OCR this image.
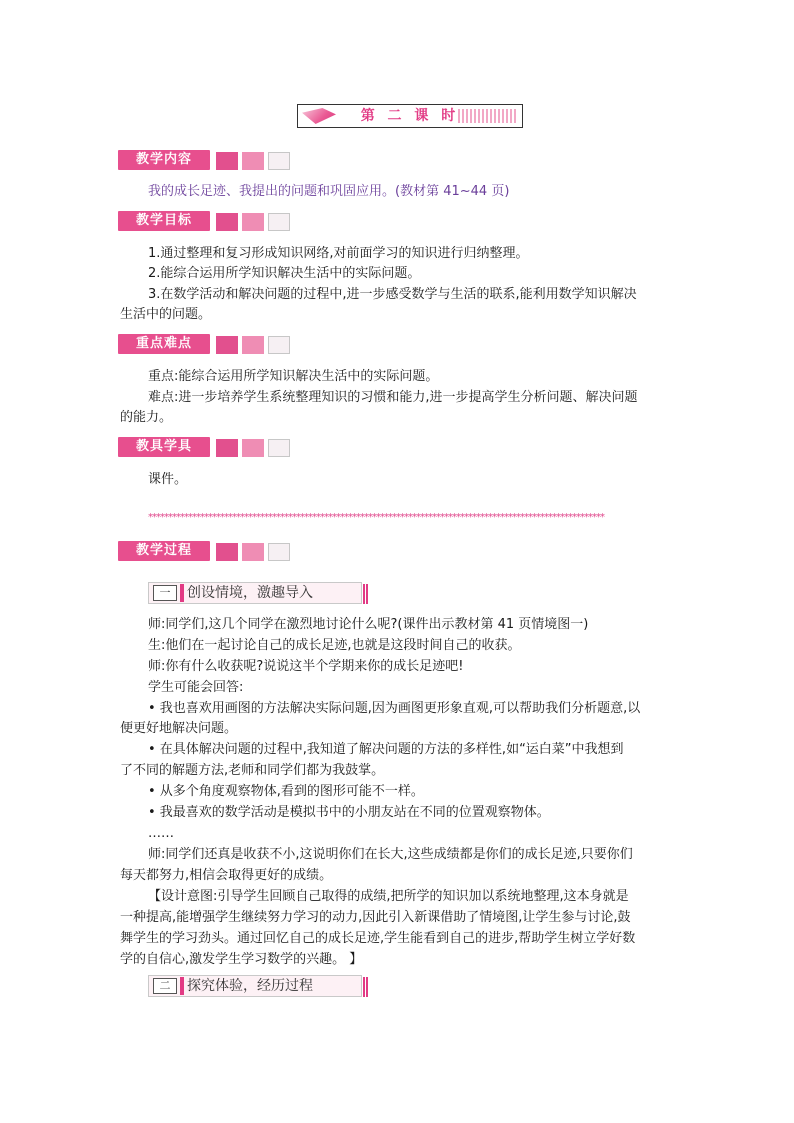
第 二 课 时
教学内容
我的成长足迹、我提出的问题和巩固应用。(教材第 41~44 页)
教学目标
1.通过整理和复习形成知识网络,对前面学习的知识进行归纳整理。
2.能综合运用所学知识解决生活中的实际问题。
3.在数学活动和解决问题的过程中,进一步感受数学与生活的联系,能利用数学知识解决
生活中的问题。
重点难点
重点:能综合运用所学知识解决生活中的实际问题。
难点:进一步培养学生系统整理知识的习惯和能力,进一步提高学生分析问题、解决问题
的能力。
教具学具
课件。
******************************************************************************************************************
教学过程
一	创设情境，激趣导入
师:同学们,这几个同学在激烈地讨论什么呢?(课件出示教材第 41 页情境图一)
生:他们在一起讨论自己的成长足迹,也就是这段时间自己的收获。
师:你有什么收获呢?说说这半个学期来你的成长足迹吧!
学生可能会回答:
• 我也喜欢用画图的方法解决实际问题,因为画图更形象直观,可以帮助我们分析题意,以
便更好地解决问题。
• 在具体解决问题的过程中,我知道了解决问题的方法的多样性,如“运白菜”中我想到
了不同的解题方法,老师和同学们都为我鼓掌。
• 从多个角度观察物体,看到的图形可能不一样。
• 我最喜欢的数学活动是模拟书中的小朋友站在不同的位置观察物体。
……
师:同学们还真是收获不小,这说明你们在长大,这些成绩都是你们的成长足迹,只要你们
每天都努力,相信会取得更好的成绩。
【设计意图:引导学生回顾自己取得的成绩,把所学的知识加以系统地整理,这本身就是
一种提高,能增强学生继续努力学习的动力,因此引入新课借助了情境图,让学生参与讨论,鼓
舞学生的学习劲头。通过回忆自己的成长足迹,学生能看到自己的进步,帮助学生树立学好数
学的自信心,激发学生学习数学的兴趣。 】
二	探究体验，经历过程
